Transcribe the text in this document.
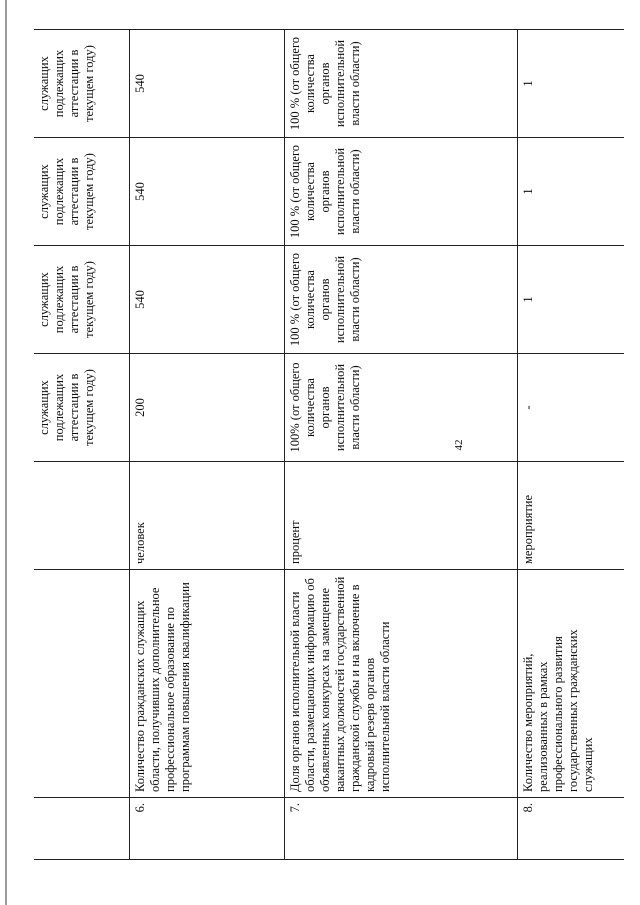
42
			служащих подлежащих аттестации в текущем году)	служащих подлежащих аттестации в текущем году)	служащих подлежащих аттестации в текущем году)	служащих подлежащих аттестации в текущем году)
6.	Количество гражданских служащих области, получивших дополнительное профессиональное образование по программам повышения квалификации	человек	200	540	540	540
7.	Доля органов исполнительной власти области, размещающих информацию об объявленных конкурсах на замещение вакантных должностей государственной гражданской службы и на включение в кадровый резерв органов исполнительной власти области	процент	100% (от общего количества органов исполнительной власти области)	100 % (от общего количества органов исполнительной власти области)	100 % (от общего количества органов исполнительной власти области)	100 % (от общего количества органов исполнительной власти области)
8.	Количество мероприятий, реализованных в рамках профессионального развития государственных гражданских служащих	мероприятие	-	1	1	1
